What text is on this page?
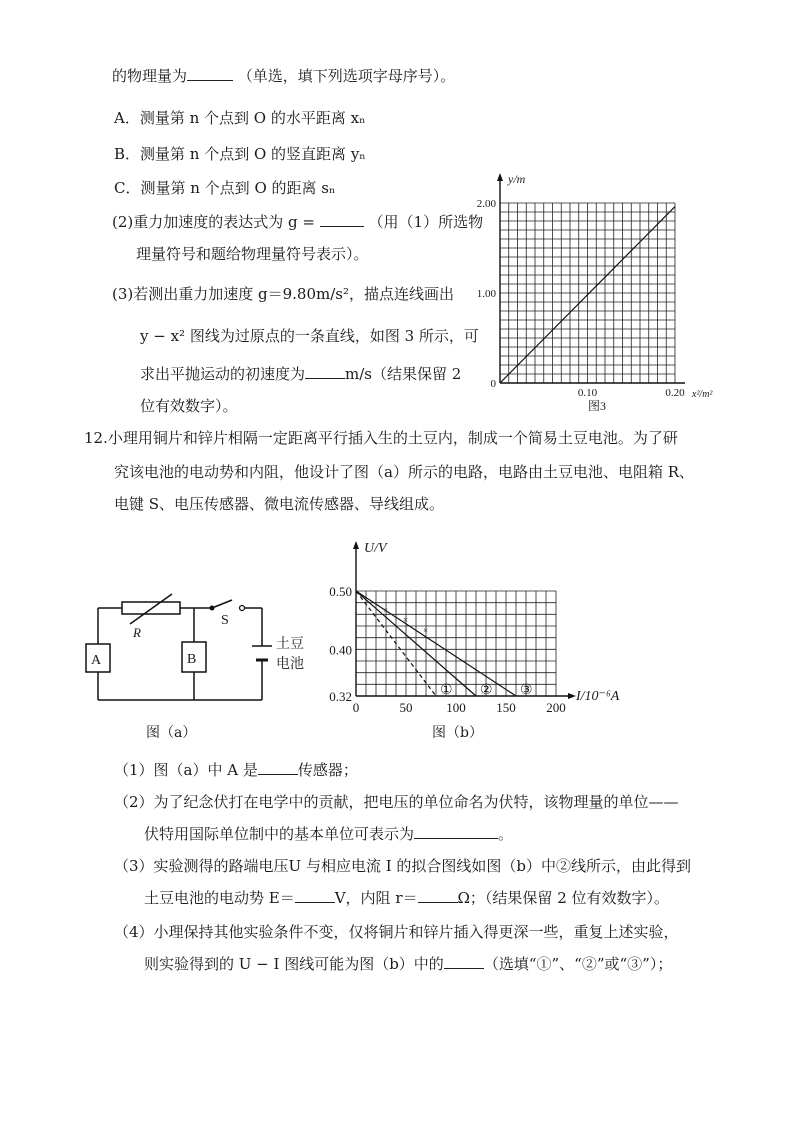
的物理量为	（单选，填下列选项字母序号）。
A．测量第 n 个点到 O 的水平距离 xₙ
B．测量第 n 个点到 O 的竖直距离 yₙ
C．测量第 n 个点到 O 的距离 sₙ
(2)重力加速度的表达式为 g =	（用（1）所选物
理量符号和题给物理量符号表示）。
(3)若测出重力加速度 g＝9.80m/s²，描点连线画出
y − x² 图线为过原点的一条直线，如图 3 所示，可
求出平抛运动的初速度为	m/s（结果保留 2
位有效数字）。
0
1.00
2.00
0.10	0.20
y/m
x²/m²
图3
12.小理用铜片和锌片相隔一定距离平行插入生的土豆内，制成一个简易土豆电池。为了研
究该电池的电动势和内阻，他设计了图（a）所示的电路，电路由土豆电池、电阻箱 R、
电键 S、电压传感器、微电流传感器、导线组成。
R
S
A	B
土豆
电池
图（a）
① ② ③
×
×
×
0.32
0.40
0.50
0	50	100 150 200
U/V
I/10⁻⁶A
图（b）
（1）图（a）中 A 是	传感器；
（2）为了纪念伏打在电学中的贡献，把电压的单位命名为伏特，该物理量的单位——
伏特用国际单位制中的基本单位可表示为	。
（3）实验测得的路端电压U 与相应电流 I 的拟合图线如图（b）中②线所示，由此得到
土豆电池的电动势 E＝	V，内阻 r＝	Ω；（结果保留 2 位有效数字）。
（4）小理保持其他实验条件不变，仅将铜片和锌片插入得更深一些，重复上述实验，
则实验得到的 U − I 图线可能为图（b）中的	（选填“①”、“②”或“③”）；
